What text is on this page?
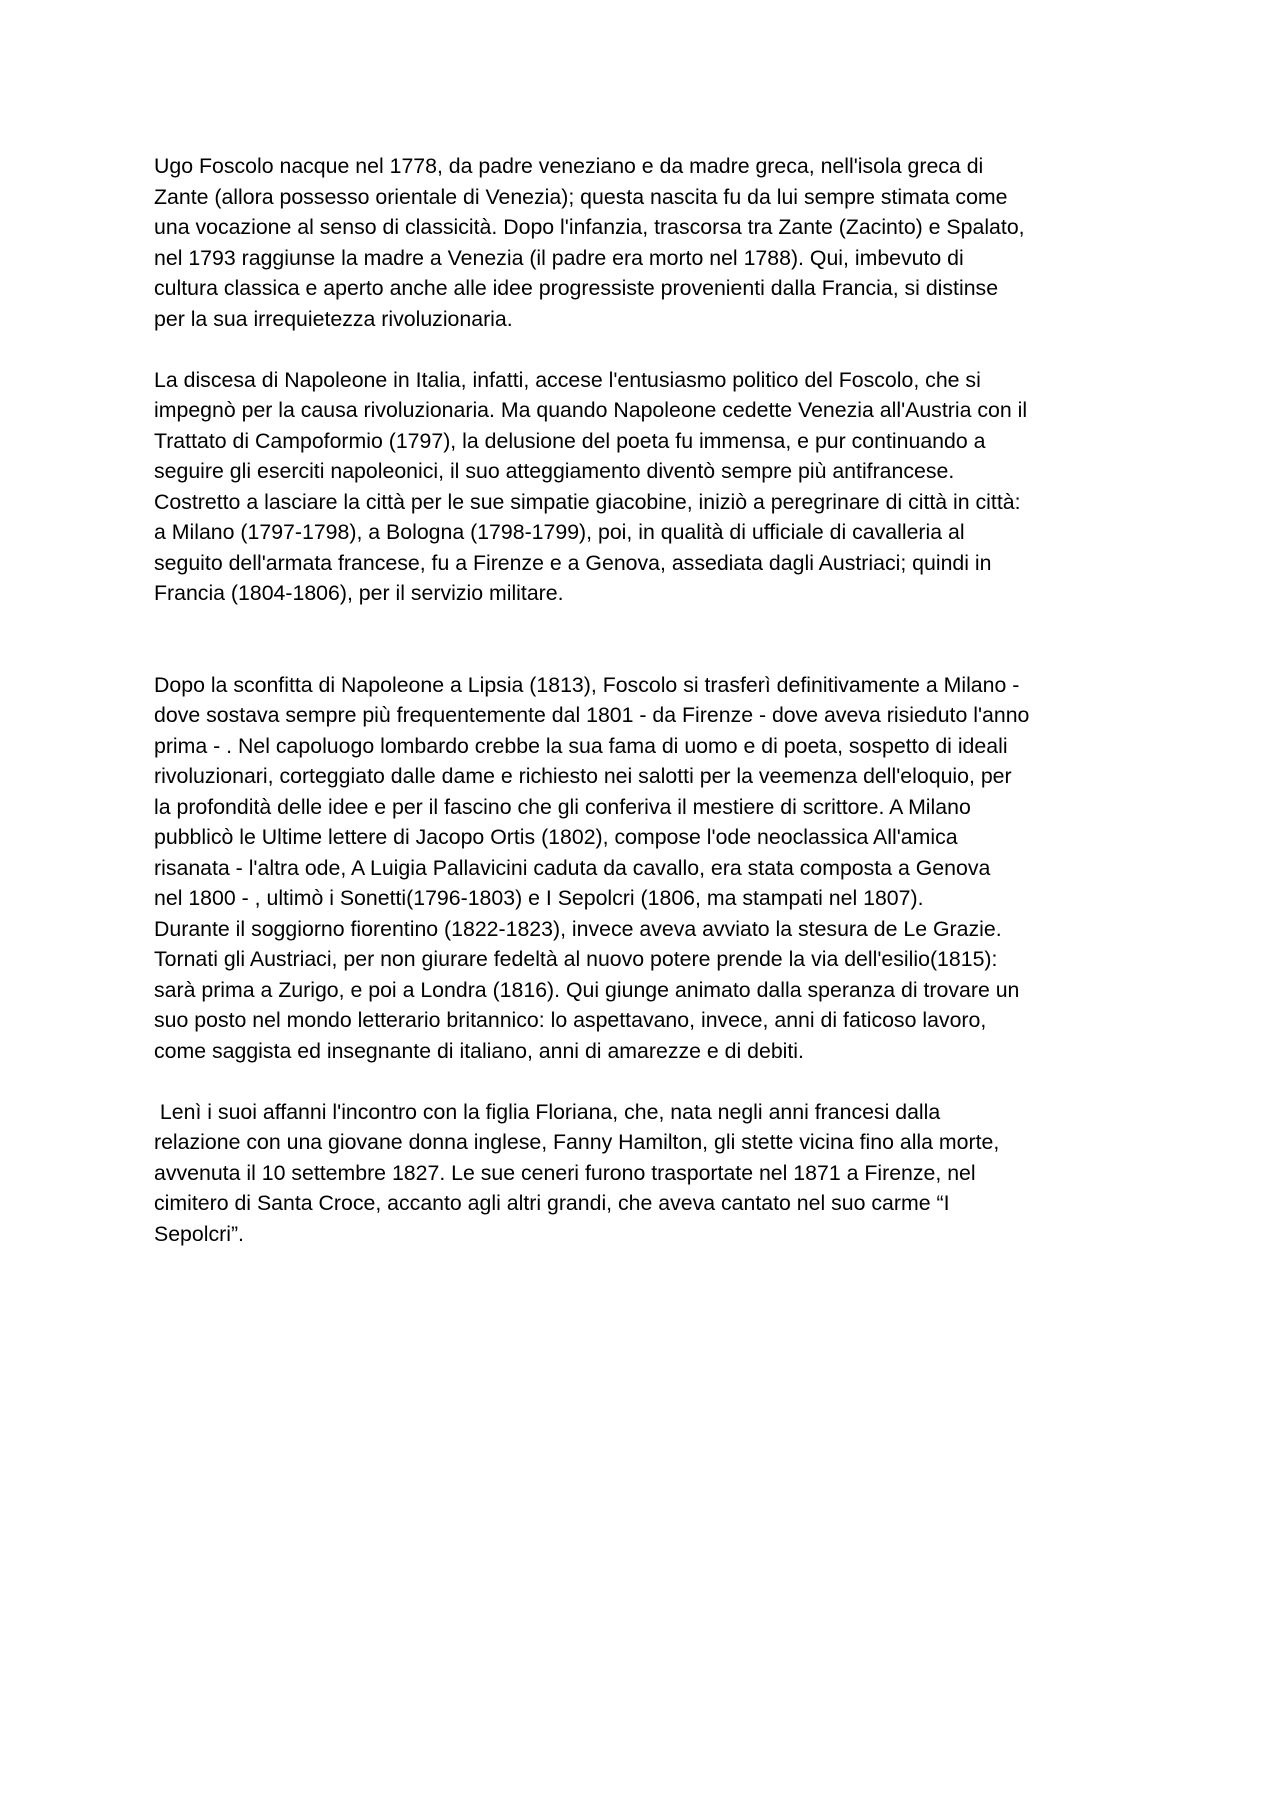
Ugo Foscolo nacque nel 1778, da padre veneziano e da madre greca, nell'isola greca di
Zante (allora possesso orientale di Venezia); questa nascita fu da lui sempre stimata come
una vocazione al senso di classicità. Dopo l'infanzia, trascorsa tra Zante (Zacinto) e Spalato,
nel 1793 raggiunse la madre a Venezia (il padre era morto nel 1788). Qui, imbevuto di
cultura classica e aperto anche alle idee progressiste provenienti dalla Francia, si distinse
per la sua irrequietezza rivoluzionaria.

La discesa di Napoleone in Italia, infatti, accese l'entusiasmo politico del Foscolo, che si
impegnò per la causa rivoluzionaria. Ma quando Napoleone cedette Venezia all'Austria con il
Trattato di Campoformio (1797), la delusione del poeta fu immensa, e pur continuando a
seguire gli eserciti napoleonici, il suo atteggiamento diventò sempre più antifrancese.
Costretto a lasciare la città per le sue simpatie giacobine, iniziò a peregrinare di città in città:
a Milano (1797-1798), a Bologna (1798-1799), poi, in qualità di ufficiale di cavalleria al
seguito dell'armata francese, fu a Firenze e a Genova, assediata dagli Austriaci; quindi in
Francia (1804-1806), per il servizio militare.

Dopo la sconfitta di Napoleone a Lipsia (1813), Foscolo si trasferì definitivamente a Milano -
dove sostava sempre più frequentemente dal 1801 - da Firenze - dove aveva risieduto l'anno
prima - . Nel capoluogo lombardo crebbe la sua fama di uomo e di poeta, sospetto di ideali
rivoluzionari, corteggiato dalle dame e richiesto nei salotti per la veemenza dell'eloquio, per
la profondità delle idee e per il fascino che gli conferiva il mestiere di scrittore. A Milano
pubblicò le Ultime lettere di Jacopo Ortis (1802), compose l'ode neoclassica All'amica
risanata - l'altra ode, A Luigia Pallavicini caduta da cavallo, era stata composta a Genova
nel 1800 - , ultimò i Sonetti(1796-1803) e I Sepolcri (1806, ma stampati nel 1807).
Durante il soggiorno fiorentino (1822-1823), invece aveva avviato la stesura de Le Grazie.
Tornati gli Austriaci, per non giurare fedeltà al nuovo potere prende la via dell'esilio(1815):
sarà prima a Zurigo, e poi a Londra (1816). Qui giunge animato dalla speranza di trovare un
suo posto nel mondo letterario britannico: lo aspettavano, invece, anni di faticoso lavoro,
come saggista ed insegnante di italiano, anni di amarezze e di debiti.

Lenì i suoi affanni l'incontro con la figlia Floriana, che, nata negli anni francesi dalla
relazione con una giovane donna inglese, Fanny Hamilton, gli stette vicina fino alla morte,
avvenuta il 10 settembre 1827. Le sue ceneri furono trasportate nel 1871 a Firenze, nel
cimitero di Santa Croce, accanto agli altri grandi, che aveva cantato nel suo carme “I
Sepolcri”.
